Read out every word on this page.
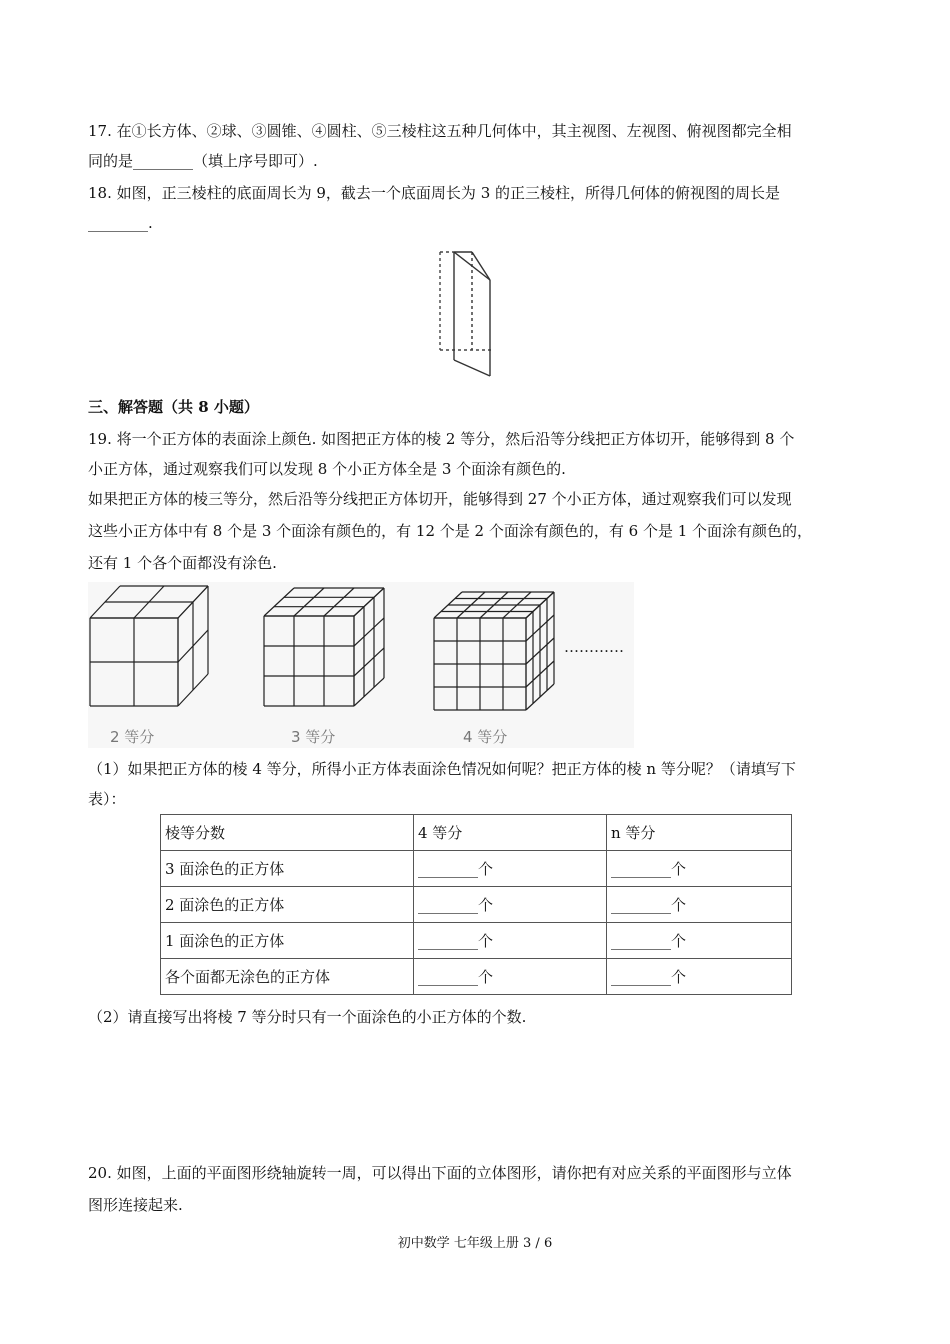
17. 在①长方体、②球、③圆锥、④圆柱、⑤三棱柱这五种几何体中，其主视图、左视图、俯视图都完全相

同的是________（填上序号即可）.

18. 如图，正三棱柱的底面周长为 9，截去一个底面周长为 3 的正三棱柱，所得几何体的俯视图的周长是

________.

三、解答题（共 8 小题）

19. 将一个正方体的表面涂上颜色. 如图把正方体的棱 2 等分，然后沿等分线把正方体切开，能够得到 8 个

小正方体，通过观察我们可以发现 8 个小正方体全是 3 个面涂有颜色的.

如果把正方体的棱三等分，然后沿等分线把正方体切开，能够得到 27 个小正方体，通过观察我们可以发现

这些小正方体中有 8 个是 3 个面涂有颜色的，有 12 个是 2 个面涂有颜色的，有 6 个是 1 个面涂有颜色的，

还有 1 个各个面都没有涂色.

2 等分	3 等分	4 等分
…………

（1）如果把正方体的棱 4 等分，所得小正方体表面涂色情况如何呢？把正方体的棱 n 等分呢？（请填写下

表）：

棱等分数	4 等分	n 等分
3 面涂色的正方体	________个	________个
2 面涂色的正方体	________个	________个
1 面涂色的正方体	________个	________个
各个面都无涂色的正方体	________个	________个

（2）请直接写出将棱 7 等分时只有一个面涂色的小正方体的个数.

20. 如图，上面的平面图形绕轴旋转一周，可以得出下面的立体图形，请你把有对应关系的平面图形与立体

图形连接起来.

初中数学 七年级上册 3 / 6
